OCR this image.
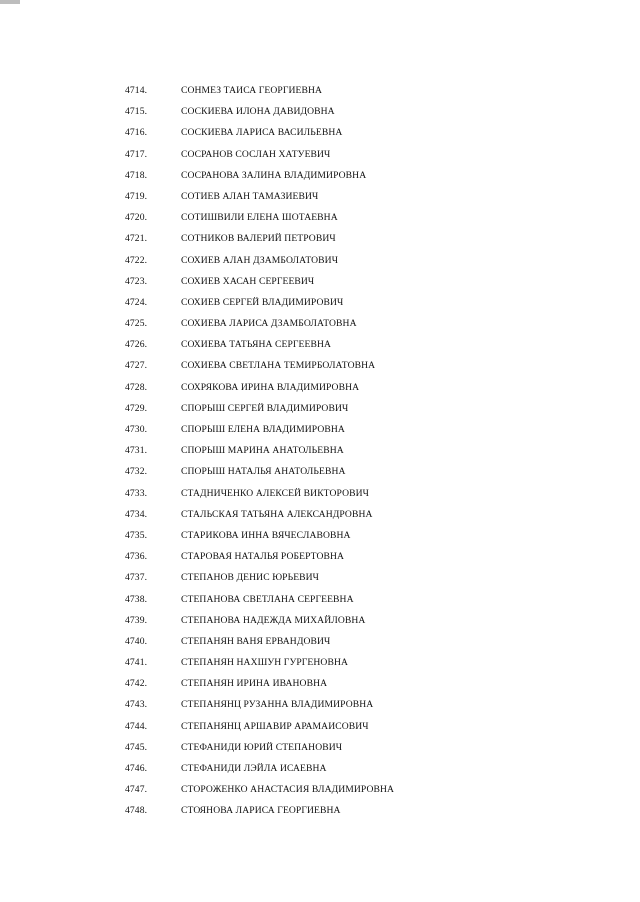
4714.	СОНМЕЗ ТАИСА ГЕОРГИЕВНА
4715.	СОСКИЕВА ИЛОНА ДАВИДОВНА
4716.	СОСКИЕВА ЛАРИСА ВАСИЛЬЕВНА
4717.	СОСРАНОВ СОСЛАН ХАТУЕВИЧ
4718.	СОСРАНОВА ЗАЛИНА ВЛАДИМИРОВНА
4719.	СОТИЕВ АЛАН ТАМАЗИЕВИЧ
4720.	СОТИШВИЛИ ЕЛЕНА ШОТАЕВНА
4721.	СОТНИКОВ ВАЛЕРИЙ ПЕТРОВИЧ
4722.	СОХИЕВ АЛАН ДЗАМБОЛАТОВИЧ
4723.	СОХИЕВ ХАСАН СЕРГЕЕВИЧ
4724.	СОХИЕВ СЕРГЕЙ ВЛАДИМИРОВИЧ
4725.	СОХИЕВА ЛАРИСА ДЗАМБОЛАТОВНА
4726.	СОХИЕВА ТАТЬЯНА СЕРГЕЕВНА
4727.	СОХИЕВА СВЕТЛАНА ТЕМИРБОЛАТОВНА
4728.	СОХРЯКОВА ИРИНА ВЛАДИМИРОВНА
4729.	СПОРЫШ СЕРГЕЙ ВЛАДИМИРОВИЧ
4730.	СПОРЫШ ЕЛЕНА ВЛАДИМИРОВНА
4731.	СПОРЫШ МАРИНА АНАТОЛЬЕВНА
4732.	СПОРЫШ НАТАЛЬЯ АНАТОЛЬЕВНА
4733.	СТАДНИЧЕНКО АЛЕКСЕЙ ВИКТОРОВИЧ
4734.	СТАЛЬСКАЯ ТАТЬЯНА АЛЕКСАНДРОВНА
4735.	СТАРИКОВА ИННА ВЯЧЕСЛАВОВНА
4736.	СТАРОВАЯ НАТАЛЬЯ РОБЕРТОВНА
4737.	СТЕПАНОВ ДЕНИС ЮРЬЕВИЧ
4738.	СТЕПАНОВА СВЕТЛАНА СЕРГЕЕВНА
4739.	СТЕПАНОВА НАДЕЖДА МИХАЙЛОВНА
4740.	СТЕПАНЯН ВАНЯ ЕРВАНДОВИЧ
4741.	СТЕПАНЯН НАХШУН ГУРГЕНОВНА
4742.	СТЕПАНЯН ИРИНА ИВАНОВНА
4743.	СТЕПАНЯНЦ РУЗАННА ВЛАДИМИРОВНА
4744.	СТЕПАНЯНЦ АРШАВИР АРАМАИСОВИЧ
4745.	СТЕФАНИДИ ЮРИЙ СТЕПАНОВИЧ
4746.	СТЕФАНИДИ ЛЭЙЛА ИСАЕВНА
4747.	СТОРОЖЕНКО АНАСТАСИЯ ВЛАДИМИРОВНА
4748.	СТОЯНОВА ЛАРИСА ГЕОРГИЕВНА
